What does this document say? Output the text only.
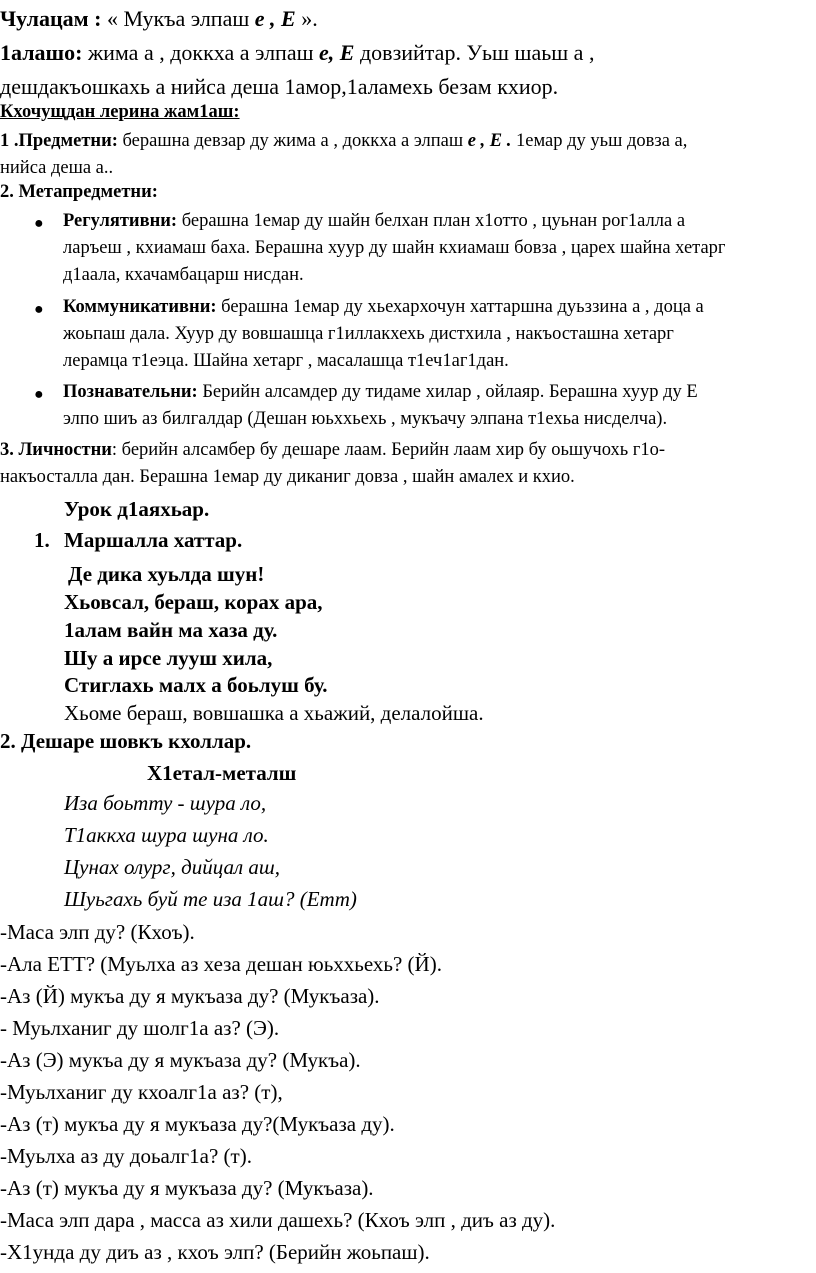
Чулацам : « Мукъа элпаш е , Е ».
1алашо: жима а , доккха а элпаш е, Е довзийтар. Уьш шаьш а ,
дешдакъошкахь а нийса деша 1амор,1аламехь безам кхиор.
Кхочущдан лерина жам1аш:
1 .Предметни: берашна девзар ду жима а , доккха а элпаш е , Е . 1емар ду уьш довза а,
нийса деша а..
2. Метапредметни:
● Регулятивни: берашна 1емар ду шайн белхан план х1отто , цуьнан рог1алла а
ларъеш , кхиамаш баха. Берашна хуур ду шайн кхиамаш бовза , царех шайна хетарг
д1аала, кхачамбацарш нисдан.
● Коммуникативни: берашна 1емар ду хьехархочун хаттаршна дуьззина а , доца а
жоьпаш дала. Хуур ду вовшашца г1иллакхехь дистхила , накъосташна хетарг
лерамца т1еэца. Шайна хетарг , масалашца т1еч1аг1дан.
● Познавательни: Берийн алсамдер ду тидаме хилар , ойлаяр. Берашна хуур ду Е
элпо шиъ аз билгалдар (Дешан юьххьехь , мукъачу элпана т1ехьа нисделча).
3. Личностни: берийн алсамбер бу дешаре лаам. Берийн лаам хир бу оьшучохь г1о-
накъосталла дан. Берашна 1емар ду диканиг довза , шайн амалех и кхио.
Урок д1аяхьар.
1. Маршалла хаттар.
Де дика хуьлда шун!
Хьовсал, бераш, корах ара,
1алам вайн ма хаза ду.
Шу а ирсе лууш хила,
Стиглахь малх а боьлуш бу.
Хьоме бераш, вовшашка а хьажий, делалойша.
2. Дешаре шовкъ кхоллар.
Х1етал-металш
Иза боьтту - шура ло,
Т1аккха шура шуна ло.
Цунах олург, дийцал аш,
Шуьгахь буй те иза 1аш? (Етт)
-Маса элп ду? (Кхоъ).
-Ала ЕТТ? (Муьлха аз хеза дешан юьххьехь? (Й).
-Аз (Й) мукъа ду я мукъаза ду? (Мукъаза).
- Муьлханиг ду шолг1а аз? (Э).
-Аз (Э) мукъа ду я мукъаза ду? (Мукъа).
-Муьлханиг ду кхоалг1а аз? (т),
-Аз (т) мукъа ду я мукъаза ду?(Мукъаза ду).
-Муьлха аз ду доьалг1а? (т).
-Аз (т) мукъа ду я мукъаза ду? (Мукъаза).
-Маса элп дара , масса аз хили дашехь? (Кхоъ элп , диъ аз ду).
-Х1унда ду диъ аз , кхоъ элп? (Берийн жоьпаш).
